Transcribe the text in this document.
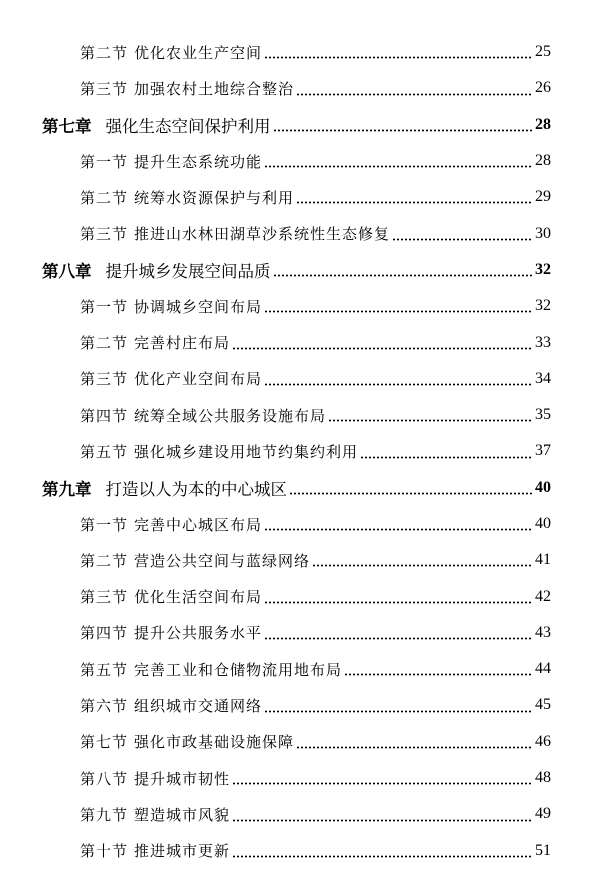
第二节 优化农业生产空间	25
第三节 加强农村土地综合整治	26
第七章 强化生态空间保护利用	28
第一节 提升生态系统功能	28
第二节 统筹水资源保护与利用	29
第三节 推进山水林田湖草沙系统性生态修复	30
第八章 提升城乡发展空间品质	32
第一节 协调城乡空间布局	32
第二节 完善村庄布局	33
第三节 优化产业空间布局	34
第四节 统筹全域公共服务设施布局	35
第五节 强化城乡建设用地节约集约利用	37
第九章 打造以人为本的中心城区	40
第一节 完善中心城区布局	40
第二节 营造公共空间与蓝绿网络	41
第三节 优化生活空间布局	42
第四节 提升公共服务水平	43
第五节 完善工业和仓储物流用地布局	44
第六节 组织城市交通网络	45
第七节 强化市政基础设施保障	46
第八节 提升城市韧性	48
第九节 塑造城市风貌	49
第十节 推进城市更新	51
